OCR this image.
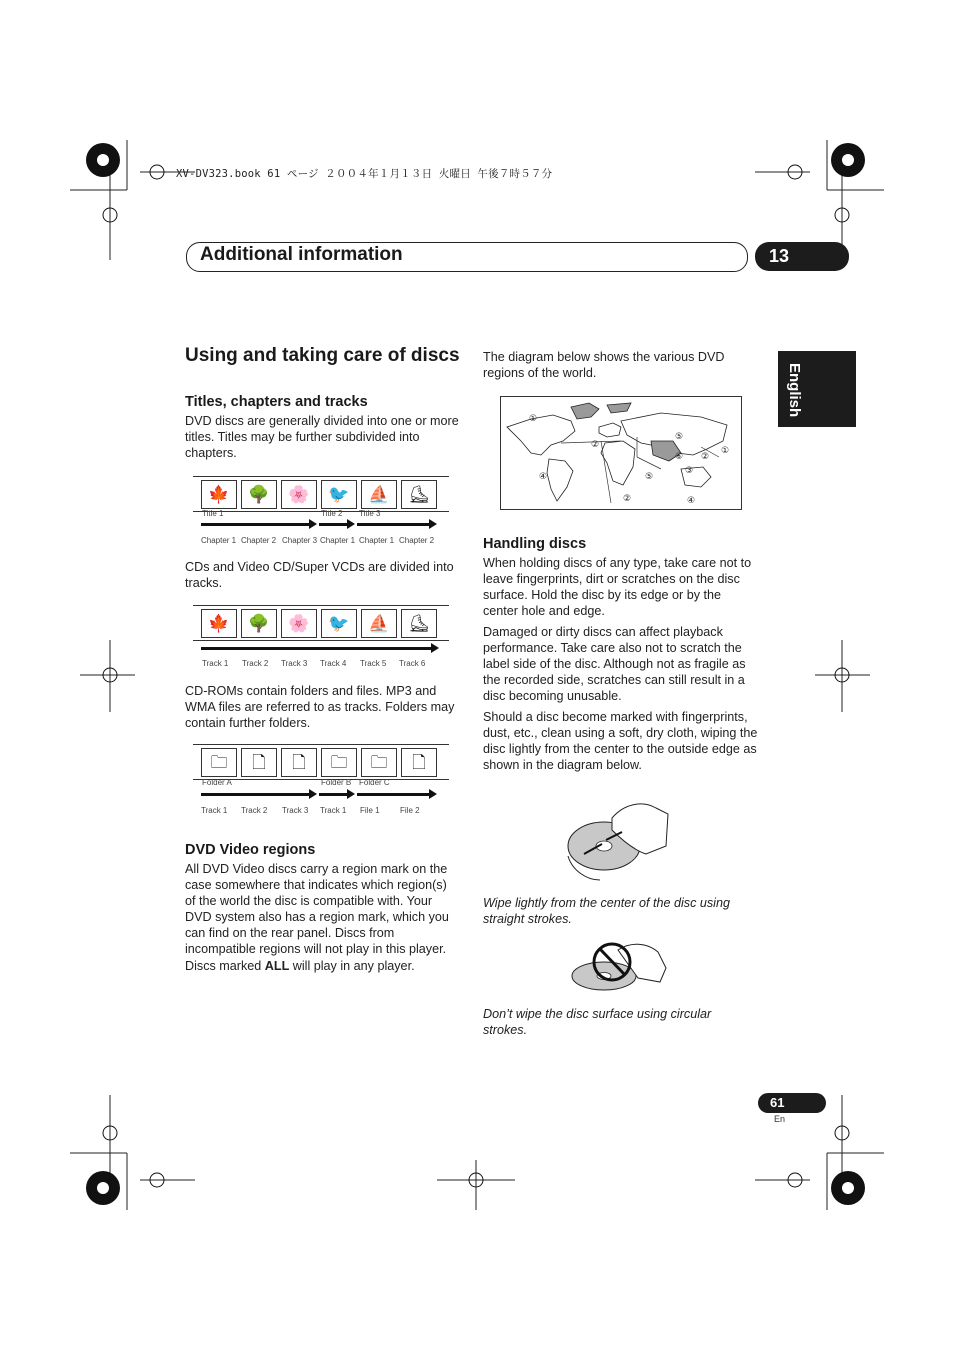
XV-DV323.book 61 ページ ２００４年１月１３日 火曜日 午後７時５７分
Additional information	13
English
Using and taking care of discs
Titles, chapters and tracks

DVD discs are generally divided into one or more titles. Titles may be further subdivided into chapters.

🍁	🌳	🌸	🐦	⛵	⛸
Title 1	Title 2 Title 3
Chapter 1 Chapter 2 Chapter 3 Chapter 1 Chapter 1 Chapter 2

CDs and Video CD/Super VCDs are divided into tracks.

🍁	🌳	🌸	🐦	⛵	⛸
Track 1 Track 2 Track 3 Track 4 Track 5 Track 6

CD-ROMs contain folders and files. MP3 and WMA files are referred to as tracks. Folders may contain further folders.

🗀	🗋	🗋	🗀	🗀	🗋
Folder A	Folder B Folder C
Track 1 Track 2 Track 3 Track 1 File 1	File 2
DVD Video regions

All DVD Video discs carry a region mark on the case somewhere that indicates which region(s) of the world the disc is compatible with. Your DVD system also has a region mark, which you can find on the rear panel. Discs from incompatible regions will not play in this player. Discs marked ALL will play in any player.

The diagram below shows the various DVD regions of the world.

①
②
⑤
①
④	⑤
⑥
②
②
④
③
Handling discs

When holding discs of any type, take care not to leave fingerprints, dirt or scratches on the disc surface. Hold the disc by its edge or by the center hole and edge.

Damaged or dirty discs can affect playback performance. Take care also not to scratch the label side of the disc. Although not as fragile as the recorded side, scratches can still result in a disc becoming unusable.

Should a disc become marked with fingerprints, dust, etc., clean using a soft, dry cloth, wiping the disc lightly from the center to the outside edge as shown in the diagram below.

Wipe lightly from the center of the disc using straight strokes.

Don’t wipe the disc surface using circular strokes.

61
En
